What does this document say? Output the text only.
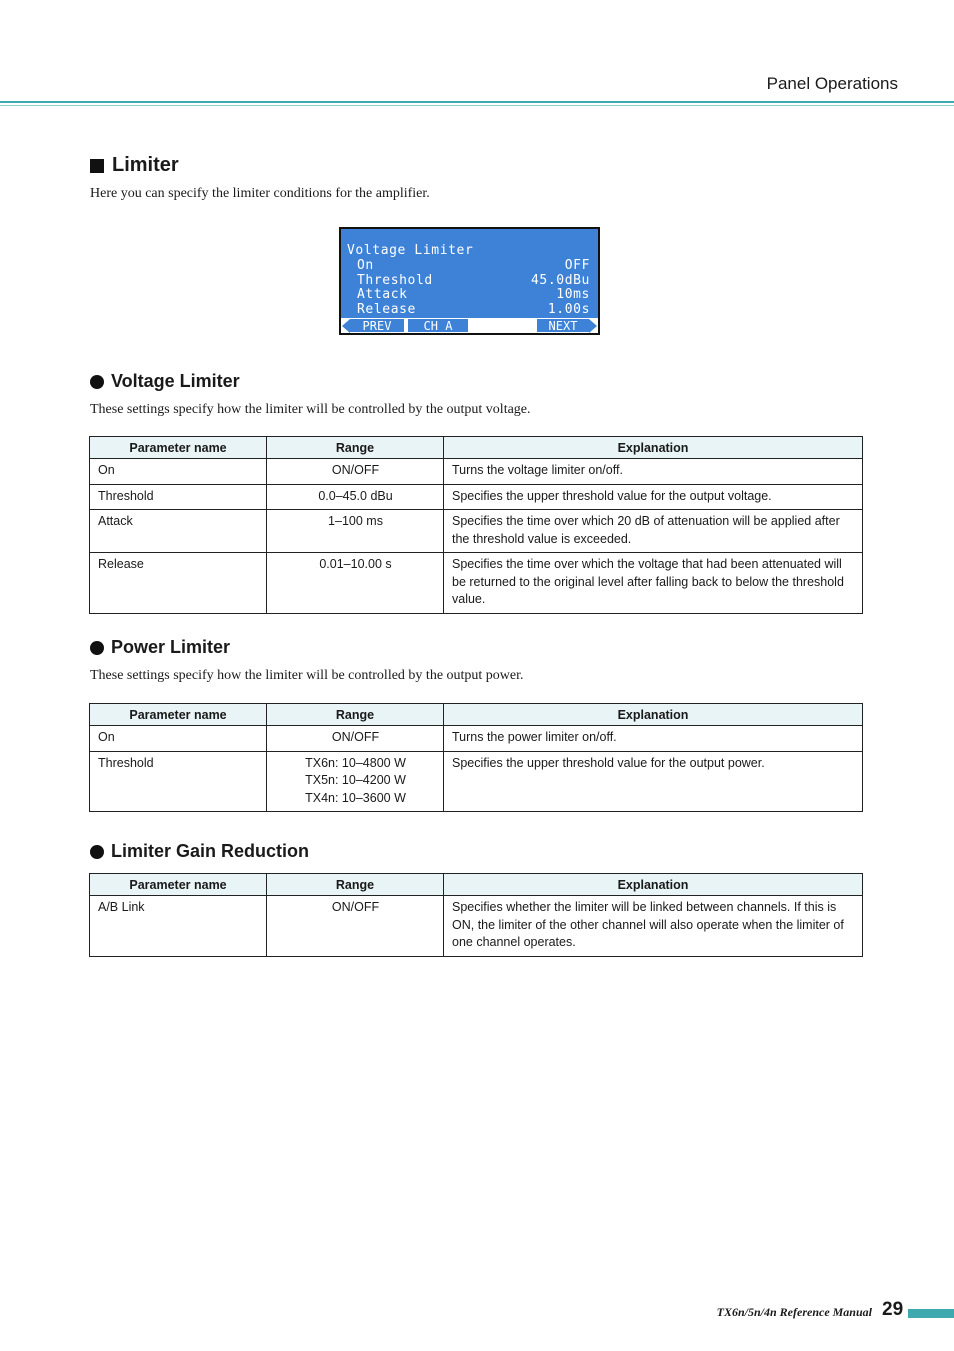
Panel Operations
Limiter
Here you can specify the limiter conditions for the amplifier.
Voltage Limiter
On	OFF
Threshold	45.0dBu
Attack	10ms
Release	1.00s
PREV	CH A	NEXT
Voltage Limiter
These settings specify how the limiter will be controlled by the output voltage.
Parameter name	Range	Explanation
On	ON/OFF	Turns the voltage limiter on/off.
Threshold	0.0–45.0 dBu	Specifies the upper threshold value for the output voltage.
Attack	1–100 ms	Specifies the time over which 20 dB of attenuation will be applied after the threshold value is exceeded.
Release	0.01–10.00 s	Specifies the time over which the voltage that had been attenuated will be returned to the original level after falling back to below the threshold value.
Power Limiter
These settings specify how the limiter will be controlled by the output power.
Parameter name	Range	Explanation
On	ON/OFF	Turns the power limiter on/off.
Threshold	TX6n: 10–4800 W
TX5n: 10–4200 W
TX4n: 10–3600 W	Specifies the upper threshold value for the output power.
Limiter Gain Reduction
Parameter name	Range	Explanation
A/B Link	ON/OFF	Specifies whether the limiter will be linked between channels. If this is ON, the limiter of the other channel will also operate when the limiter of one channel operates.
TX6n/5n/4n Reference Manual 29
